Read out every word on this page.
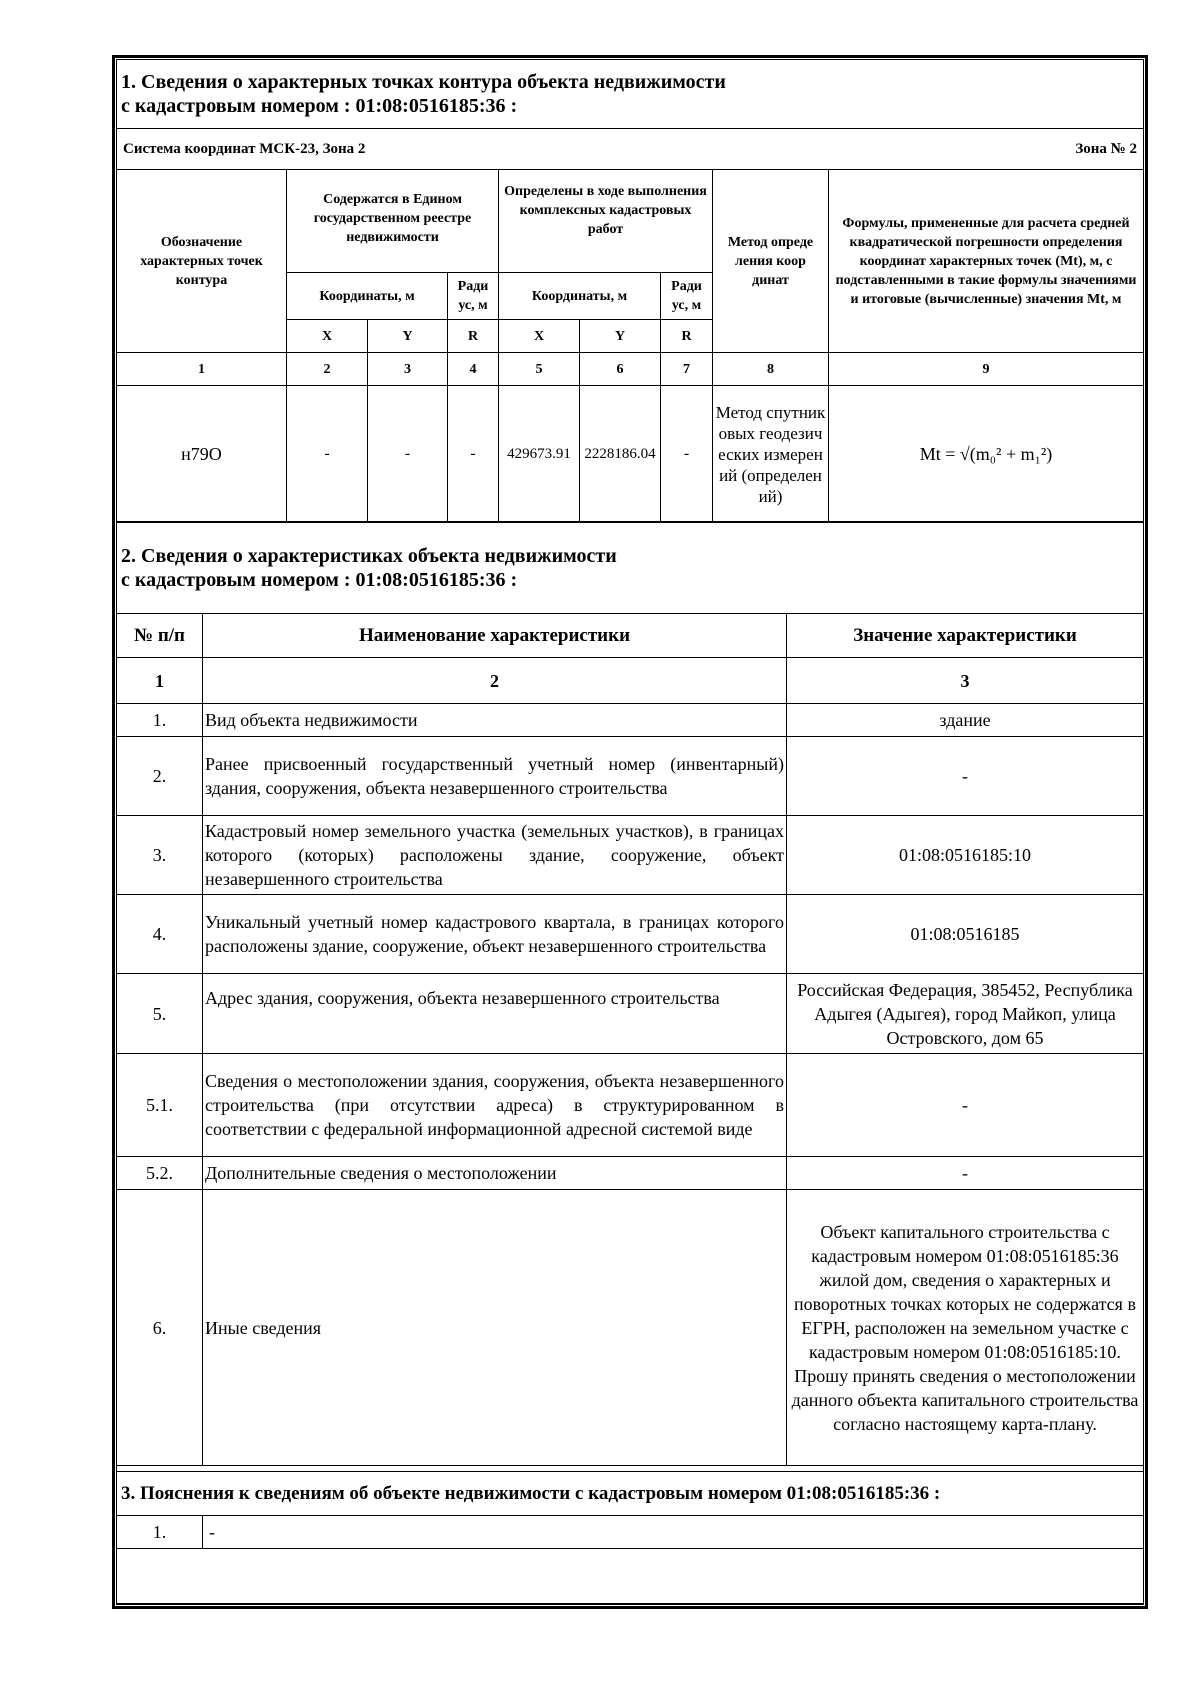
1. Сведения о характерных точках контура объекта недвижимости
с кадастровым номером : 01:08:0516185:36 :								

Система координат МСК-23, Зона 2 Зона № 2								

Обозначение характерных точек контура	Содержатся в Едином государственном реестре недвижимости			Определены в ходе выполнения комплексных кадастровых работ			Метод опреде ления коор динат	Формулы, примененные для расчета средней квадратической погрешности определения координат характерных точек (Mt), м, с подставленными в такие формулы значениями и итоговые (вычисленные) значения Mt, м
	Координаты, м		Ради ус, м	Координаты, м		Ради ус, м		
	X	Y	R	X	Y	R		
1	2	3	4	5	6	7	8	9
н79О	-	-	-	429673.91	2228186.04	-	Метод спутниковых геодезических измерений (определений)	Mt = √(m₀² + m₁²)
2. Сведения о характеристиках объекта недвижимости
с кадастровым номером : 01:08:0516185:36 :		

№ п/п	Наименование характеристики	Значение характеристики
1	2	3
1.	Вид объекта недвижимости	здание
2.	Ранее присвоенный государственный учетный номер (инвентарный) здания, сооружения, объекта незавершенного строительства	-
3.	Кадастровый номер земельного участка (земельных участков), в границах которого (которых) расположены здание, сооружение, объект незавершенного строительства	01:08:0516185:10
4.	Уникальный учетный номер кадастрового квартала, в границах которого расположены здание, сооружение, объект незавершенного строительства	01:08:0516185
5.	Адрес здания, сооружения, объекта незавершенного строительства	Российская Федерация, 385452, Республика Адыгея (Адыгея), город Майкоп, улица Островского, дом 65
5.1.	Сведения о местоположении здания, сооружения, объекта незавершенного строительства (при отсутствии адреса) в структурированном в соответствии с федеральной информационной адресной системой виде	-
5.2.	Дополнительные сведения о местоположении	-
6.	Иные сведения	Объект капитального строительства с кадастровым номером 01:08:0516185:36 жилой дом, сведения о характерных и поворотных точках которых не содержатся в ЕГРН, расположен на земельном участке с кадастровым номером 01:08:0516185:10. Прошу принять сведения о местоположении данного объекта капитального строительства согласно настоящему карта-плану.
3. Пояснения к сведениям об объекте недвижимости с кадастровым номером 01:08:0516185:36 :
1.	-
